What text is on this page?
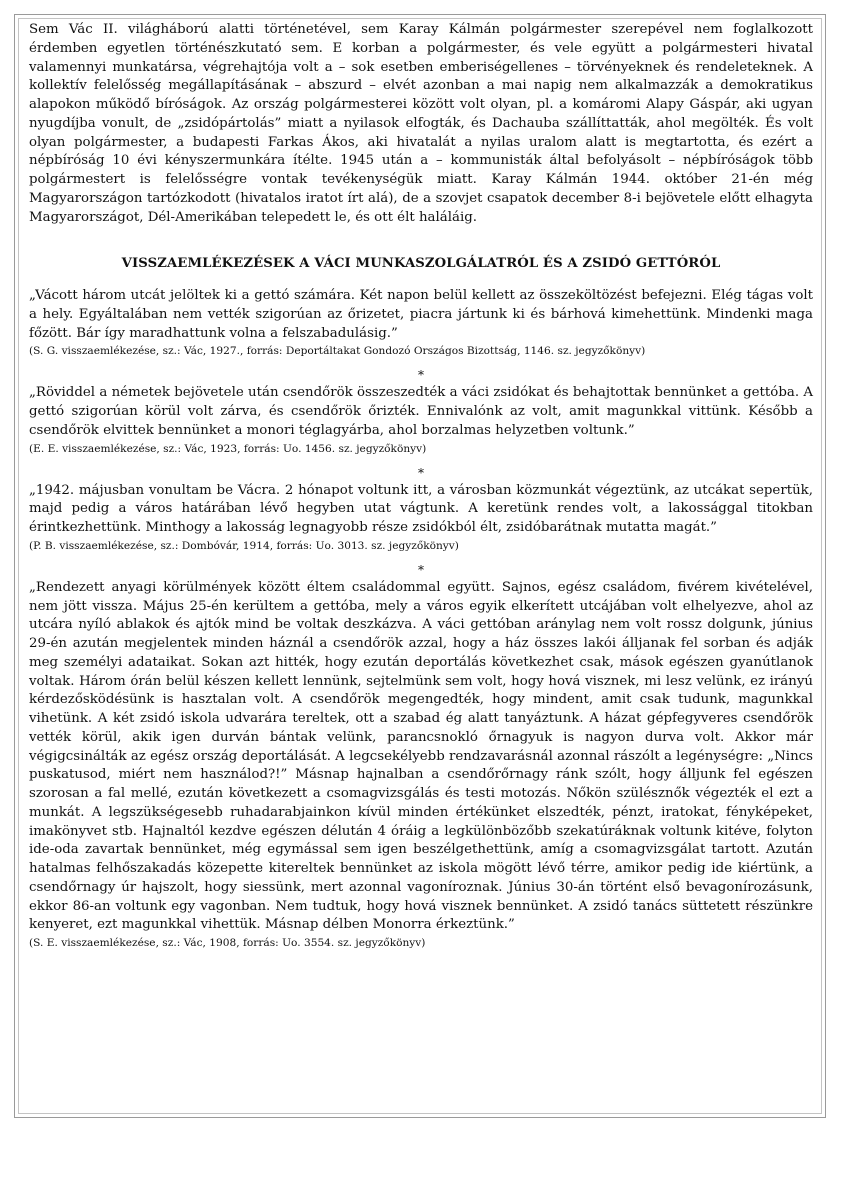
Sem Vác II. világháború alatti történetével, sem Karay Kálmán polgármester szerepével nem foglalkozott érdemben egyetlen történészkutató sem. E korban a polgármester, és vele együtt a polgármesteri hivatal valamennyi munkatársa, végrehajtója volt a – sok esetben emberiségellenes – törvényeknek és rendeleteknek. A kollektív felelősség megállapításának – abszurd – elvét azonban a mai napig nem alkalmazzák a demokratikus alapokon működő bíróságok. Az ország polgármesterei között volt olyan, pl. a komáromi Alapy Gáspár, aki ugyan nyugdíjba vonult, de „zsidópártolás” miatt a nyilasok elfogták, és Dachauba szállíttatták, ahol megölték. És volt olyan polgármester, a budapesti Farkas Ákos, aki hivatalát a nyilas uralom alatt is megtartotta, és ezért a népbíróság 10 évi kényszermunkára ítélte. 1945 után a – kommunisták által befolyásolt – népbíróságok több polgármestert is felelősségre vontak tevékenységük miatt. Karay Kálmán 1944. október 21-én még Magyarországon tartózkodott (hivatalos iratot írt alá), de a szovjet csapatok december 8-i bejövetele előtt elhagyta Magyarországot, Dél-Amerikában telepedett le, és ott élt haláláig.

VISSZAEMLÉKEZÉSEK A VÁCI MUNKASZOLGÁLATRÓL ÉS A ZSIDÓ GETTÓRÓL

„Vácott három utcát jelöltek ki a gettó számára. Két napon belül kellett az összeköltözést befejezni. Elég tágas volt a hely. Egyáltalában nem vették szigorúan az őrizetet, piacra jártunk ki és bárhová kimehettünk. Mindenki maga főzött. Bár így maradhattunk volna a felszabadulásig.”

(S. G. visszaemlékezése, sz.: Vác, 1927., forrás: Deportáltakat Gondozó Országos Bizottság, 1146. sz. jegyzőkönyv)

*

„Röviddel a németek bejövetele után csendőrök összeszedték a váci zsidókat és behajtottak bennünket a gettóba. A gettó szigorúan körül volt zárva, és csendőrök őrizték. Ennivalónk az volt, amit magunkkal vittünk. Később a csendőrök elvittek bennünket a monori téglagyárba, ahol borzalmas helyzetben voltunk.”

(E. E. visszaemlékezése, sz.: Vác, 1923, forrás: Uo. 1456. sz. jegyzőkönyv)

*

„1942. májusban vonultam be Vácra. 2 hónapot voltunk itt, a városban közmunkát végeztünk, az utcákat sepertük, majd pedig a város határában lévő hegyben utat vágtunk. A keretünk rendes volt, a lakossággal titokban érintkezhettünk. Minthogy a lakosság legnagyobb része zsidókból élt, zsidóbarátnak mutatta magát.”

(P. B. visszaemlékezése, sz.: Dombóvár, 1914, forrás: Uo. 3013. sz. jegyzőkönyv)

*

„Rendezett anyagi körülmények között éltem családommal együtt. Sajnos, egész családom, fivérem kivételével, nem jött vissza. Május 25-én kerültem a gettóba, mely a város egyik elkerített utcájában volt elhelyezve, ahol az utcára nyíló ablakok és ajtók mind be voltak deszkázva. A váci gettóban aránylag nem volt rossz dolgunk, június 29-én azután megjelentek minden háznál a csendőrök azzal, hogy a ház összes lakói álljanak fel sorban és adják meg személyi adataikat. Sokan azt hitték, hogy ezután deportálás következhet csak, mások egészen gyanútlanok voltak. Három órán belül készen kellett lennünk, sejtelmünk sem volt, hogy hová visznek, mi lesz velünk, ez irányú kérdezősködésünk is hasztalan volt. A csendőrök megengedték, hogy mindent, amit csak tudunk, magunkkal vihetünk. A két zsidó iskola udvarára tereltek, ott a szabad ég alatt tanyáztunk. A házat gépfegyveres csendőrök vették körül, akik igen durván bántak velünk, parancsnokló őrnagyuk is nagyon durva volt. Akkor már végigcsinálták az egész ország deportálását. A legcsekélyebb rendzavarásnál azonnal rászólt a legénységre: „Nincs puskatusod, miért nem használod?!” Másnap hajnalban a csendőrőrnagy ránk szólt, hogy álljunk fel egészen szorosan a fal mellé, ezután következett a csomagvizsgálás és testi motozás. Nőkön szülésznők végezték el ezt a munkát. A legszükségesebb ruhadarabjainkon kívül minden értékünket elszedték, pénzt, iratokat, fényképeket, imakönyvet stb. Hajnaltól kezdve egészen délután 4 óráig a legkülönbözőbb szekatúráknak voltunk kitéve, folyton ide-oda zavartak bennünket, még egymással sem igen beszélgethettünk, amíg a csomagvizsgálat tartott. Azután hatalmas felhőszakadás közepette kitereltek bennünket az iskola mögött lévő térre, amikor pedig ide kiértünk, a csendőrnagy úr hajszolt, hogy siessünk, mert azonnal vagoníroznak. Június 30-án történt első bevagonírozásunk, ekkor 86-an voltunk egy vagonban. Nem tudtuk, hogy hová visznek bennünket. A zsidó tanács süttetett részünkre kenyeret, ezt magunkkal vihettük. Másnap délben Monorra érkeztünk.”

(S. E. visszaemlékezése, sz.: Vác, 1908, forrás: Uo. 3554. sz. jegyzőkönyv)
